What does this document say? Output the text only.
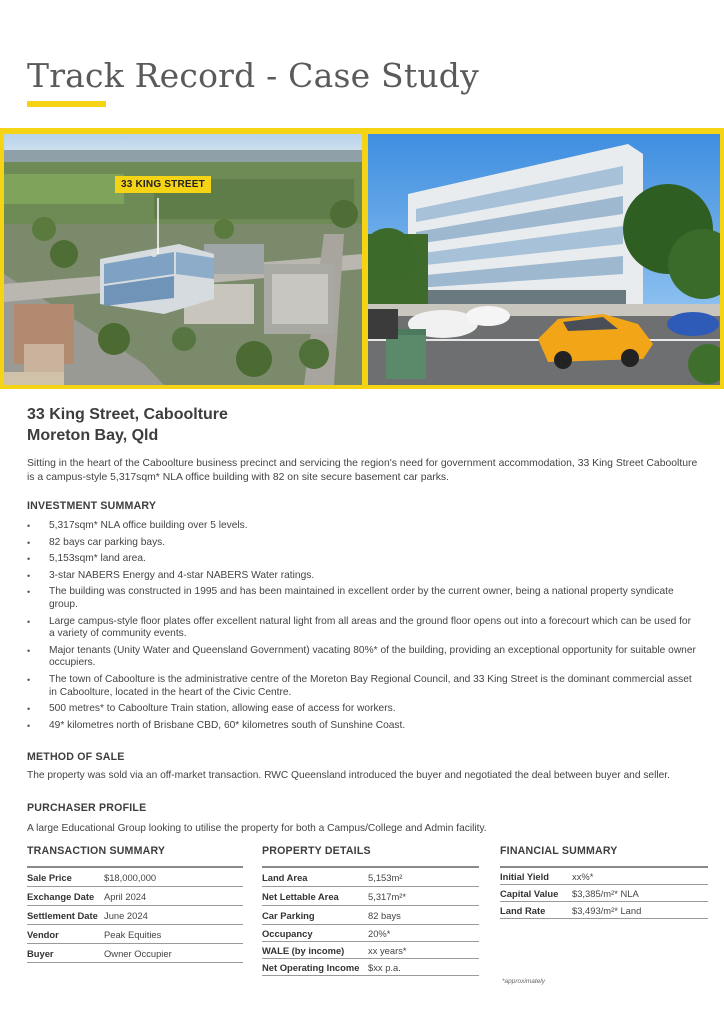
Track Record - Case Study
33 KING STREET
33 King Street, Caboolture
Moreton Bay, Qld

Sitting in the heart of the Caboolture business precinct and servicing the region's need for government accommodation, 33 King Street Caboolture is a campus-style 5,317sqm* NLA office building with 82 on site secure basement car parks.

INVESTMENT SUMMARY
• 5,317sqm* NLA office building over 5 levels.
• 82 bays car parking bays.
• 5,153sqm* land area.
• 3-star NABERS Energy and 4-star NABERS Water ratings.
• The building was constructed in 1995 and has been maintained in excellent order by the current owner, being a national property syndicate group.
• Large campus-style floor plates offer excellent natural light from all areas and the ground floor opens out into a forecourt which can be used for a variety of community events.
• Major tenants (Unity Water and Queensland Government) vacating 80%* of the building, providing an exceptional opportunity for suitable owner occupiers.
• The town of Caboolture is the administrative centre of the Moreton Bay Regional Council, and 33 King Street is the dominant commercial asset in Caboolture, located in the heart of the Civic Centre.
• 500 metres* to Caboolture Train station, allowing ease of access for workers.
• 49* kilometres north of Brisbane CBD, 60* kilometres south of Sunshine Coast.
METHOD OF SALE

The property was sold via an off-market transaction. RWC Queensland introduced the buyer and negotiated the deal between buyer and seller.

PURCHASER PROFILE

A large Educational Group looking to utilise the property for both a Campus/College and Admin facility.

TRANSACTION SUMMARY
Sale Price	$18,000,000
Exchange Date	April 2024
Settlement Date June 2024
Vendor	Peak Equities
Buyer	Owner Occupier
PROPERTY DETAILS
Land Area	5,153m²
Net Lettable Area	5,317m²*
Car Parking	82 bays
Occupancy	20%*
WALE (by income)	xx years*
Net Operating Income $xx p.a.
FINANCIAL SUMMARY
Initial Yield	xx%*
Capital Value	$3,385/m²* NLA
Land Rate	$3,493/m²* Land
*approximately
